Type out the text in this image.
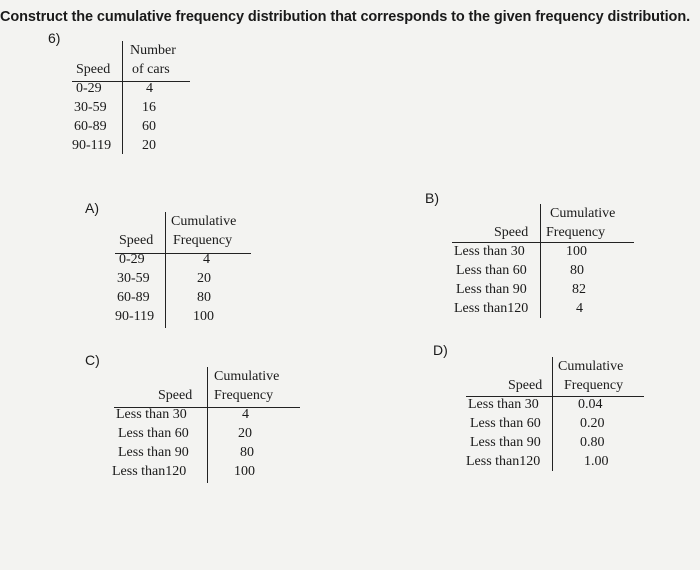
Construct the cumulative frequency distribution that corresponds to the given frequency distribution.
6)
Number
Speed of cars
0-29	4
30-59	16
60-89	60
90-119 20
A)
Cumulative
Speed Frequency
0-29	4
30-59	20
60-89	80
90-119	100
B)
Cumulative
Speed Frequency
Less than 30	100
Less than 60	80
Less than 90	82
Less than120	4
C)
Cumulative
Speed Frequency
Less than 30	4
Less than 60	20
Less than 90	80
Less than120	100
D)
Cumulative
Speed Frequency
Less than 30	0.04
Less than 60	0.20
Less than 90	0.80
Less than120	1.00
